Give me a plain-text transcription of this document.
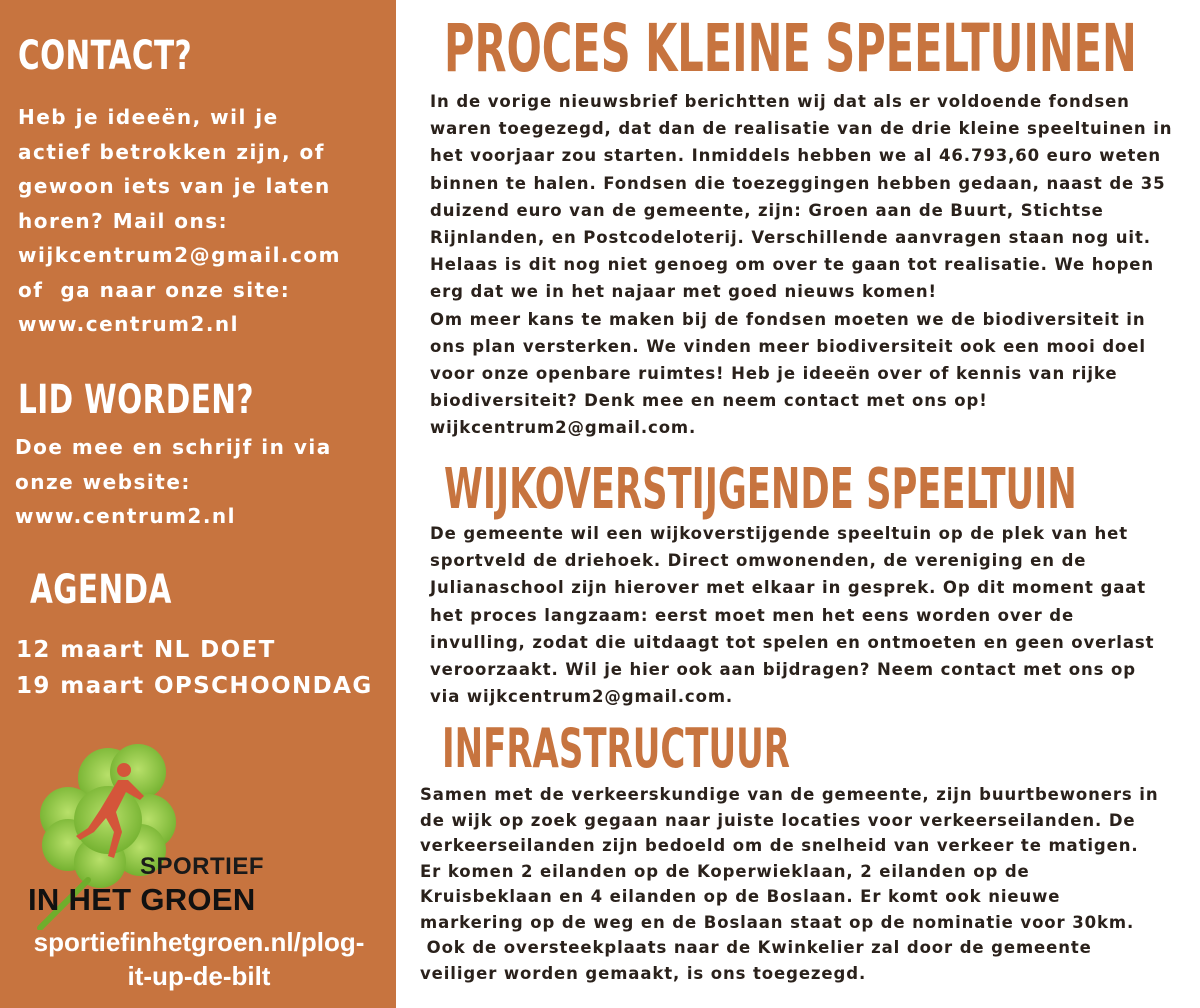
CONTACT?

Heb je ideeën, wil je
actief betrokken zijn, of
gewoon iets van je laten
horen? Mail ons:
wijkcentrum2@gmail.com
of  ga naar onze site:
www.centrum2.nl

LID WORDEN?

Doe mee en schrijf in via
onze website:
www.centrum2.nl

AGENDA

12 maart NL DOET
19 maart OPSCHOONDAG

SPORTIEF

IN HET GROEN

sportiefinhetgroen.nl/plog-
it-up-de-bilt

PROCES KLEINE SPEELTUINEN

In de vorige nieuwsbrief berichtten wij dat als er voldoende fondsen
waren toegezegd, dat dan de realisatie van de drie kleine speeltuinen in
het voorjaar zou starten. Inmiddels hebben we al 46.793,60 euro weten
binnen te halen. Fondsen die toezeggingen hebben gedaan, naast de 35
duizend euro van de gemeente, zijn: Groen aan de Buurt, Stichtse
Rijnlanden, en Postcodeloterij. Verschillende aanvragen staan nog uit.
Helaas is dit nog niet genoeg om over te gaan tot realisatie. We hopen
erg dat we in het najaar met goed nieuws komen!
Om meer kans te maken bij de fondsen moeten we de biodiversiteit in
ons plan versterken. We vinden meer biodiversiteit ook een mooi doel
voor onze openbare ruimtes! Heb je ideeën over of kennis van rijke
biodiversiteit? Denk mee en neem contact met ons op!
wijkcentrum2@gmail.com.

WIJKOVERSTIJGENDE SPEELTUIN

De gemeente wil een wijkoverstijgende speeltuin op de plek van het
sportveld de driehoek. Direct omwonenden, de vereniging en de
Julianaschool zijn hierover met elkaar in gesprek. Op dit moment gaat
het proces langzaam: eerst moet men het eens worden over de
invulling, zodat die uitdaagt tot spelen en ontmoeten en geen overlast
veroorzaakt. Wil je hier ook aan bijdragen? Neem contact met ons op
via wijkcentrum2@gmail.com.

INFRASTRUCTUUR

Samen met de verkeerskundige van de gemeente, zijn buurtbewoners in
de wijk op zoek gegaan naar juiste locaties voor verkeerseilanden. De
verkeerseilanden zijn bedoeld om de snelheid van verkeer te matigen.
Er komen 2 eilanden op de Koperwieklaan, 2 eilanden op de
Kruisbeklaan en 4 eilanden op de Boslaan. Er komt ook nieuwe
markering op de weg en de Boslaan staat op de nominatie voor 30km.
Ook de oversteekplaats naar de Kwinkelier zal door de gemeente
veiliger worden gemaakt, is ons toegezegd.
